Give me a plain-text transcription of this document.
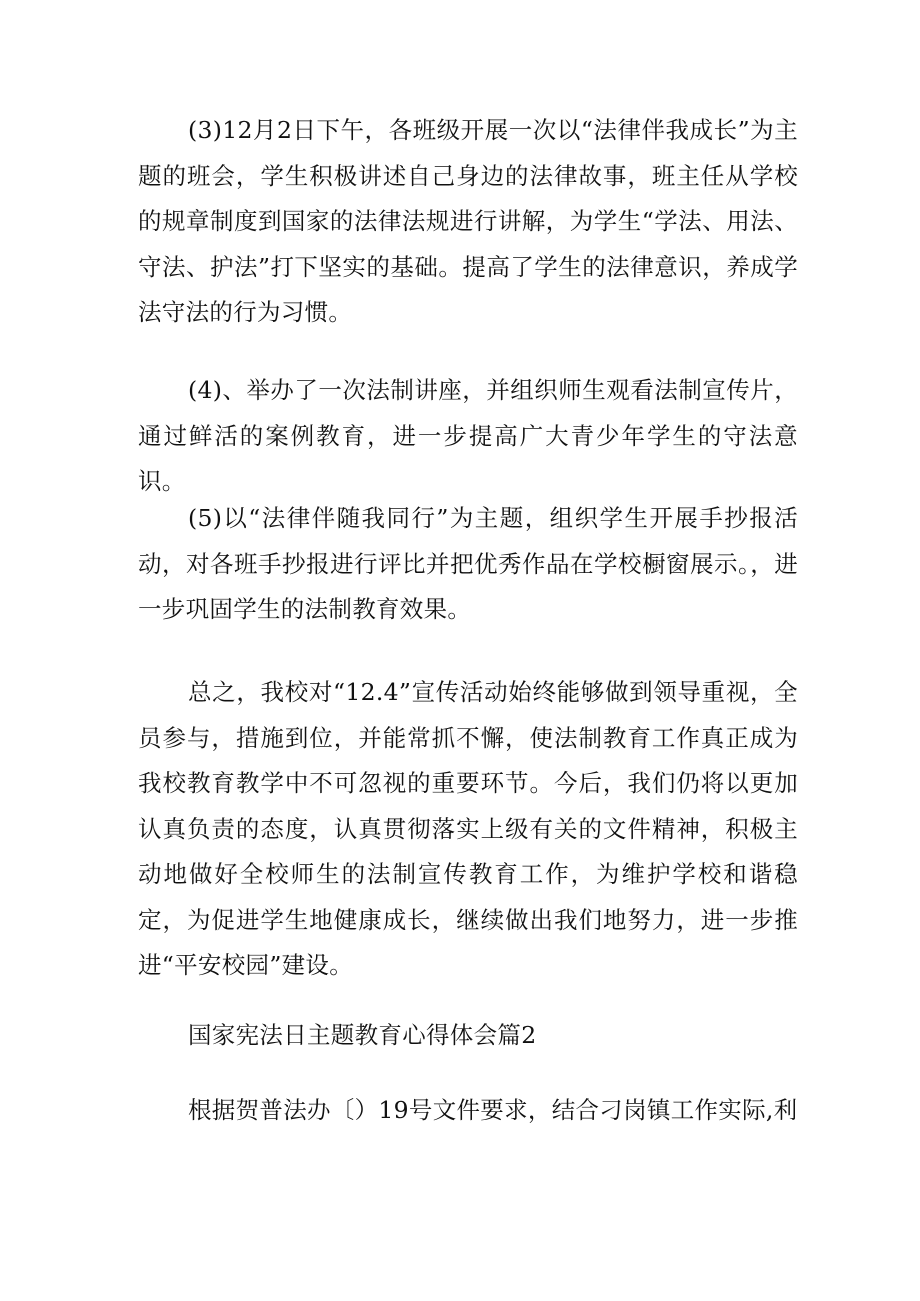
(3)12月2日下午，各班级开展一次以“法律伴我成长”为主题的班会，学生积极讲述自己身边的法律故事，班主任从学校的规章制度到国家的法律法规进行讲解，为学生“学法、用法、守法、护法”打下坚实的基础。提高了学生的法律意识，养成学法守法的行为习惯。

(4)、举办了一次法制讲座，并组织师生观看法制宣传片，通过鲜活的案例教育，进一步提高广大青少年学生的守法意识。

(5)以“法律伴随我同行”为主题，组织学生开展手抄报活动，对各班手抄报进行评比并把优秀作品在学校橱窗展示。，进一步巩固学生的法制教育效果。

总之，我校对“12.4”宣传活动始终能够做到领导重视，全员参与，措施到位，并能常抓不懈，使法制教育工作真正成为我校教育教学中不可忽视的重要环节。今后，我们仍将以更加认真负责的态度，认真贯彻落实上级有关的文件精神，积极主动地做好全校师生的法制宣传教育工作，为维护学校和谐稳定，为促进学生地健康成长，继续做出我们地努力，进一步推进“平安校园”建设。

国家宪法日主题教育心得体会篇2

根据贺普法办〔）19号文件要求，结合刁岗镇工作实际,利
